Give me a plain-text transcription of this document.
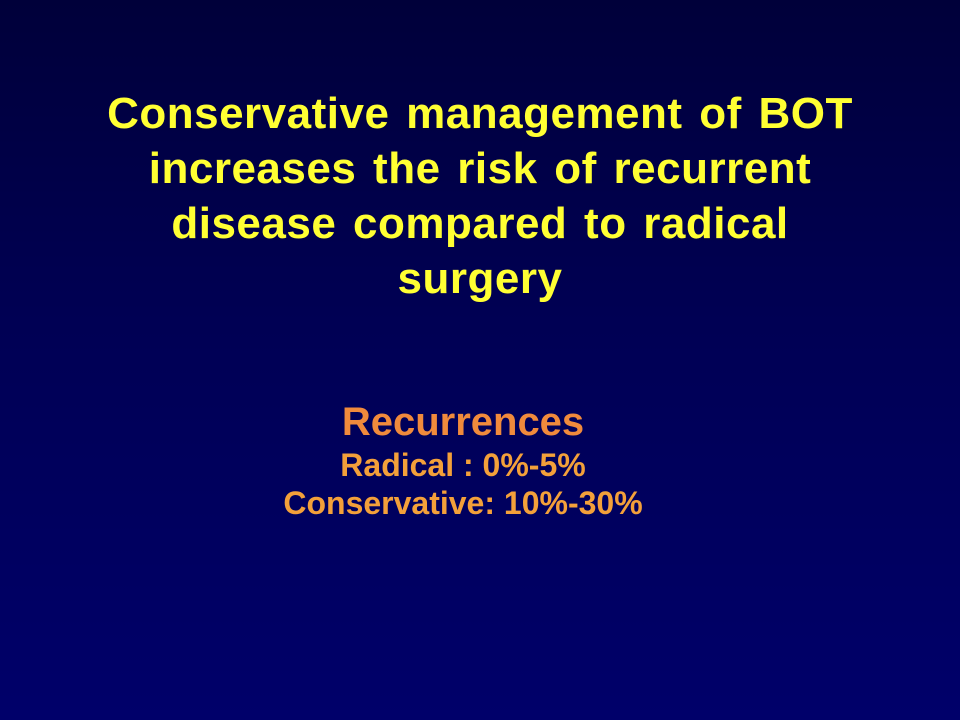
Conservative management of BOT
increases the risk of recurrent
disease compared to radical
surgery
Recurrences
Radical : 0%-5%
Conservative: 10%-30%
